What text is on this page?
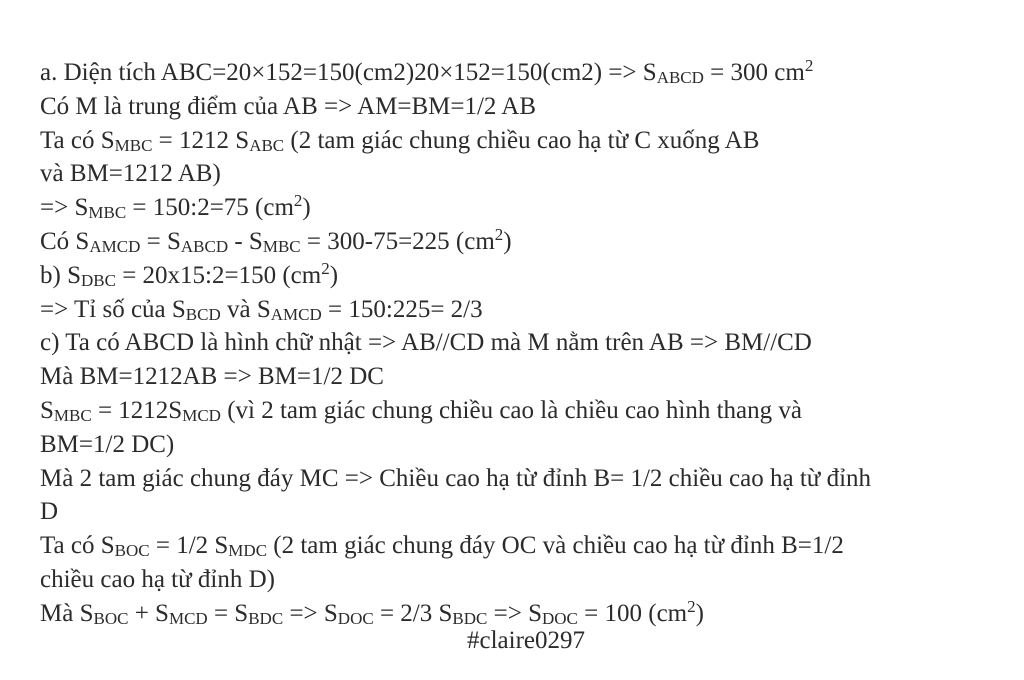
a. Diện tích $ABC=20\times 152=150(cm2)20\times 152=150(cm2) => S_{ABCD} = 300$ $cm^2$
Có M là trung điểm của AB => AM=BM=1/2 AB
Ta có $S_{MBC} = 1212$ $S_{ABC}$ (2 tam giác chung chiều cao hạ từ C xuống AB
và BM=1212 AB)
=> $S_{MBC}$ = 150:2=75 $(cm^2)$
Có $S_{AMCD} = S_{ABCD} - S_{MBC} = 300-75=225$ $(cm^2)$
b) $S_{DBC}$ = 20x15:2=150 $(cm^2)$
=> Tỉ số của $S_{BCD}$ và $S_{AMCD}$ = 150:225= 2/3
c) Ta có ABCD là hình chữ nhật => AB//CD mà M nằm trên AB => BM//CD
Mà BM=1212AB => BM=1/2 DC
$S_{MBC} = 1212S_{MCD}$ (vì 2 tam giác chung chiều cao là chiều cao hình thang và
BM=1/2 DC)
Mà 2 tam giác chung đáy MC => Chiều cao hạ từ đỉnh B= 1/2 chiều cao hạ từ đỉnh
D
Ta có $S_{BOC} = 1/2$ $S_{MDC}$ (2 tam giác chung đáy OC và chiều cao hạ từ đỉnh B=1/2
chiều cao hạ từ đỉnh D)
Mà $S_{BOC} + S_{MCD} = S_{BDC} => S_{DOC} = 2/3$ $S_{BDC} => S_{DOC} = 100$ $(cm^2)$
#claire0297
